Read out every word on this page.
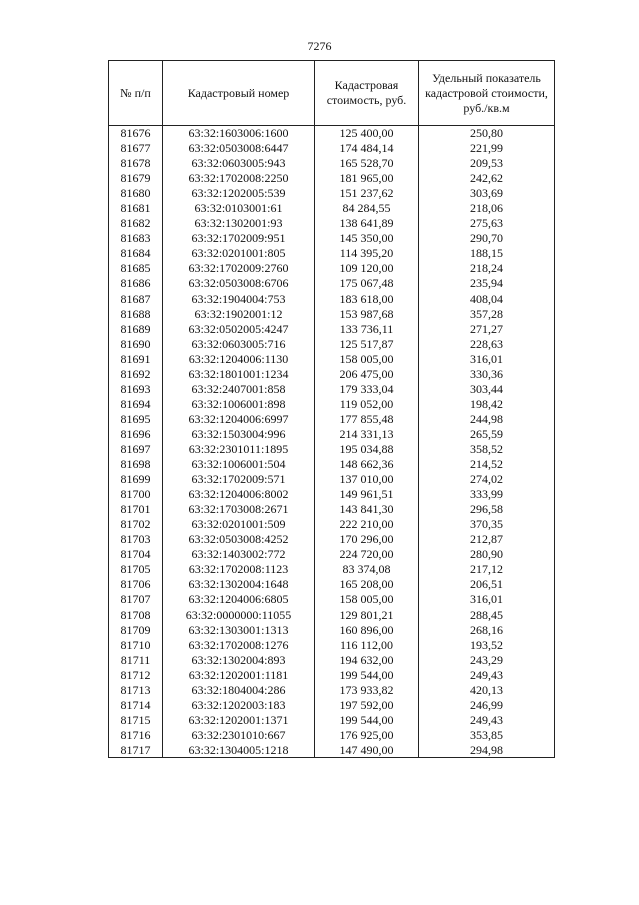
7276
№ п/п	Кадастровый номер	Кадастровая стоимость, руб.	Удельный показатель кадастровой стоимости, руб./кв.м
81676	63:32:1603006:1600	125 400,00	250,80
81677	63:32:0503008:6447	174 484,14	221,99
81678	63:32:0603005:943	165 528,70	209,53
81679	63:32:1702008:2250	181 965,00	242,62
81680	63:32:1202005:539	151 237,62	303,69
81681	63:32:0103001:61	84 284,55	218,06
81682	63:32:1302001:93	138 641,89	275,63
81683	63:32:1702009:951	145 350,00	290,70
81684	63:32:0201001:805	114 395,20	188,15
81685	63:32:1702009:2760	109 120,00	218,24
81686	63:32:0503008:6706	175 067,48	235,94
81687	63:32:1904004:753	183 618,00	408,04
81688	63:32:1902001:12	153 987,68	357,28
81689	63:32:0502005:4247	133 736,11	271,27
81690	63:32:0603005:716	125 517,87	228,63
81691	63:32:1204006:1130	158 005,00	316,01
81692	63:32:1801001:1234	206 475,00	330,36
81693	63:32:2407001:858	179 333,04	303,44
81694	63:32:1006001:898	119 052,00	198,42
81695	63:32:1204006:6997	177 855,48	244,98
81696	63:32:1503004:996	214 331,13	265,59
81697	63:32:2301011:1895	195 034,88	358,52
81698	63:32:1006001:504	148 662,36	214,52
81699	63:32:1702009:571	137 010,00	274,02
81700	63:32:1204006:8002	149 961,51	333,99
81701	63:32:1703008:2671	143 841,30	296,58
81702	63:32:0201001:509	222 210,00	370,35
81703	63:32:0503008:4252	170 296,00	212,87
81704	63:32:1403002:772	224 720,00	280,90
81705	63:32:1702008:1123	83 374,08	217,12
81706	63:32:1302004:1648	165 208,00	206,51
81707	63:32:1204006:6805	158 005,00	316,01
81708	63:32:0000000:11055	129 801,21	288,45
81709	63:32:1303001:1313	160 896,00	268,16
81710	63:32:1702008:1276	116 112,00	193,52
81711	63:32:1302004:893	194 632,00	243,29
81712	63:32:1202001:1181	199 544,00	249,43
81713	63:32:1804004:286	173 933,82	420,13
81714	63:32:1202003:183	197 592,00	246,99
81715	63:32:1202001:1371	199 544,00	249,43
81716	63:32:2301010:667	176 925,00	353,85
81717	63:32:1304005:1218	147 490,00	294,98
